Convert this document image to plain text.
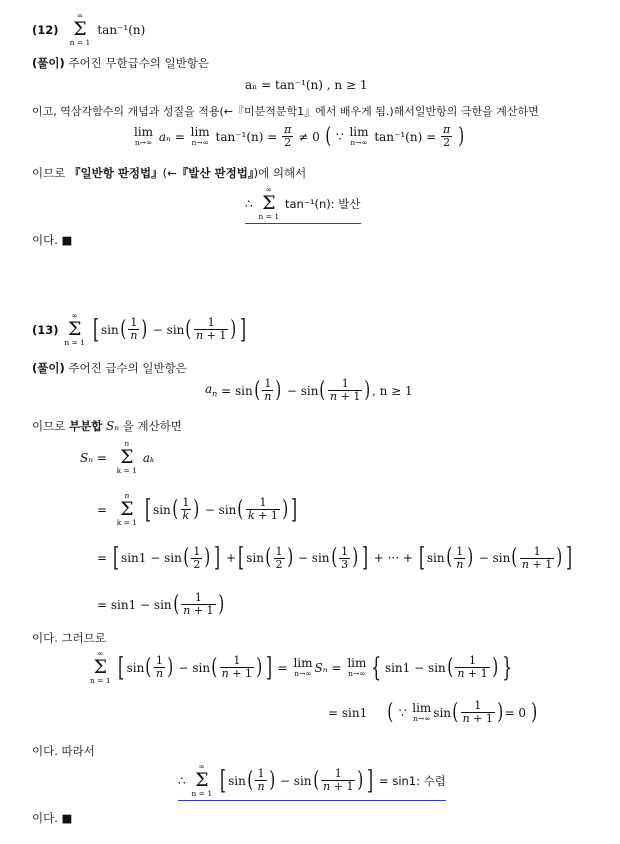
(12)
∞
Σ
n = 1
tan⁻¹(n)
(풀이) 주어진 무한급수의 일반항은
aₙ = tan⁻¹(n) , n ≥ 1
이고, 역삼각함수의 개념과 성질을 적용(←『미분적분학1』에서 배우게 됨.)해서일반항의 극한을 계산하면
lim
n→∞ aₙ = lim
n→∞ $\tan^{-1}(n) = \frac{\pi}{2} \ne 0$ ( ∵ lim
n→∞ $\tan^{-1}(n) = \frac{\pi}{2}$ )
이므로 『일반항 판정법』(←『발산 판정법』)에 의해서
∴
∞
Σ
n = 1
tan⁻¹(n): 발산
이다. ■
(13)
∞
Σ
n = 1 [ $\sin( \frac{1}{n}$ ) − $\sin( \frac{1}{n + 1}$ ) ]
(풀이) 주어진 급수의 일반항은
$a_n = \sin( \frac{1}{n}$ ) − $\sin( \frac{1}{n + 1}$ ), n ≥ 1
이므로 부분합 Sₙ 을 계산하면
Sₙ =
n
Σ
k = 1
aₖ
=
n
Σ
k = 1 [ $\sin( \frac{1}{k}$ ) − $\sin( \frac{1}{k + 1}$ ) ]
= [ $\sin 1 - \sin( \frac{1}{2}$ ) ] +[ $\sin( \frac{1}{2}$ ) − $\sin( \frac{1}{3}$ ) ] + ··· + [ $\sin( \frac{1}{n}$ ) − $\sin( \frac{1}{n + 1}$ ) ]
= $\sin 1 - \sin( \frac{1}{n + 1}$ )
이다. 그러므로
∞
Σ
n = 1 [ $\sin( \frac{1}{n}$ ) − $\sin( \frac{1}{n + 1}$ ) ] = lim
n→∞ Sₙ = lim
n→∞ { $\sin 1 - \sin( \frac{1}{n + 1}$ ) }
= sin1 ( ∵ lim
n→∞ $\sin( \frac{1}{n + 1}$ )= 0 )
이다. 따라서
∴
∞
Σ
n = 1 [ $\sin( \frac{1}{n}$ ) − $\sin( \frac{1}{n + 1}$ ) ] = sin1: 수렴
이다. ■
